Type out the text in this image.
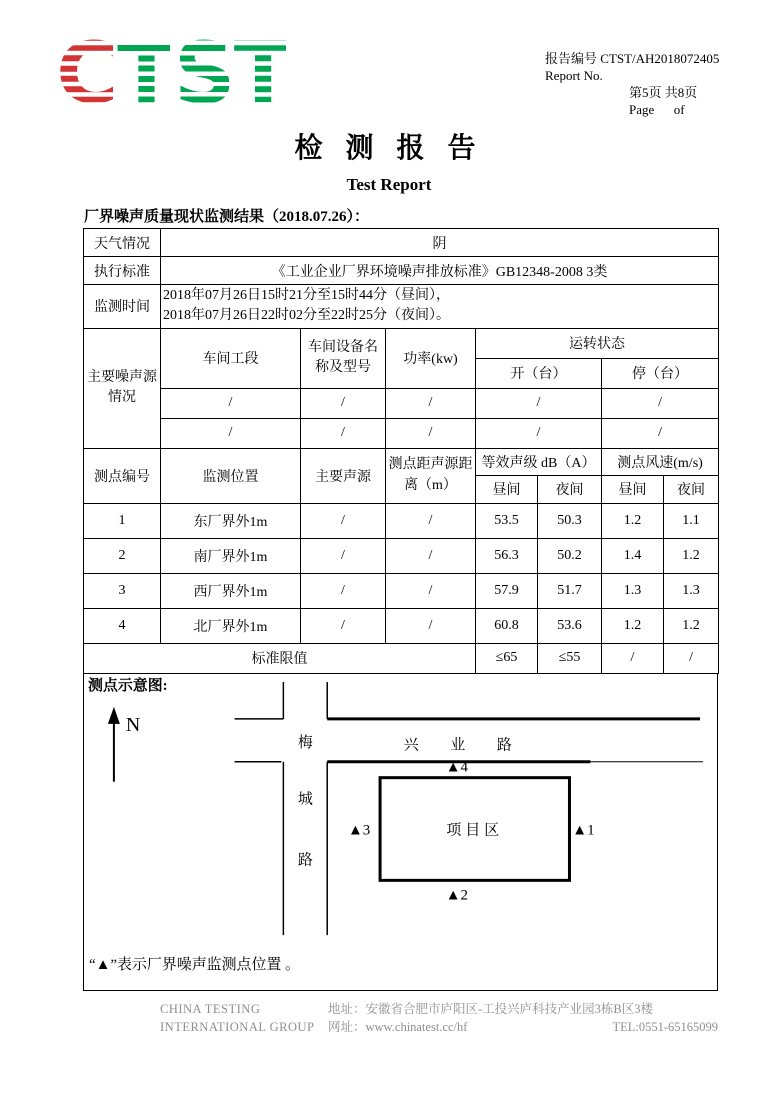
C T S T	报告编号 CTST/AH2018072405
Report No.
第5页 共8页
Page      of
检 测 报 告
Test Report
厂界噪声质量现状监测结果（2018.07.26）：
天气情况	阴						
执行标准	《工业企业厂界环境噪声排放标准》GB12348-2008 3类						
监测时间	2018年07月26日15时21分至15时44分（昼间），
2018年07月26日22时02分至22时25分（夜间）。						

主要噪声源情况	车间工段	车间设备名称及型号	功率(kw)	运转状态			
				开（台）		停（台）	
	/	/	/	/		/	
	/	/	/	/		/	
测点编号	监测位置	主要声源	测点距声源距离（m）	等效声级 dB（A）		测点风速(m/s)	
				昼间	夜间	昼间	夜间
1	东厂界外1m	/	/	53.5	50.3	1.2	1.1
2	南厂界外1m	/	/	56.3	50.2	1.4	1.2
3	西厂界外1m	/	/	57.9	51.7	1.3	1.3
4	北厂界外1m	/	/	60.8	53.6	1.2	1.2
标准限值				≤65	≤55	/	/
测点示意图:
N
兴 业 路
梅
城
路
项目区	▲1
▲2
▲3
▲4
“▲”表示厂界噪声监测点位置 。
CHINA TESTING
INTERNATIONAL GROUP
地址：安徽省合肥市庐阳区-工投兴庐科技产业园3栋B区3楼
网址：www.chinatest.cc/hf	TEL:0551-65165099
